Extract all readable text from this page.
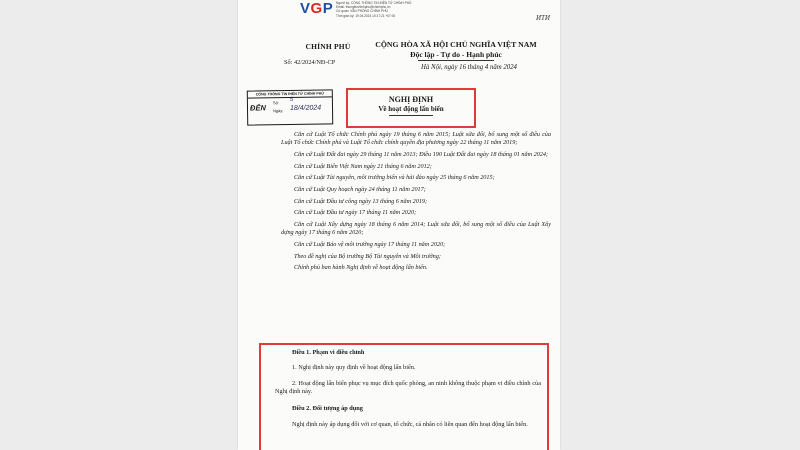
VGP Người ký: CỔNG THÔNG TIN ĐIỆN TỬ CHÍNH PHỦ
Email: thongtinchinhphu@chinhphu.vn
Cơ quan: VĂN PHÒNG CHÍNH PHỦ
Thời gian ký: 19.04.2024 10:17:21 +07:00	ИТИ
CHÍNH PHỦ
Số: 42/2024/NĐ-CP
CỘNG HÒA XÃ HỘI CHỦ NGHĨA VIỆT NAM
Độc lập - Tự do - Hạnh phúc
Hà Nội, ngày 16 tháng 4 năm 2024
CỔNG THÔNG TIN ĐIỆN TỬ CHÍNH PHỦ
ĐẾN
Số: 5
Ngày: 18/4/2024
NGHỊ ĐỊNH
Về hoạt động lấn biển

Căn cứ Luật Tổ chức Chính phủ ngày 19 tháng 6 năm 2015; Luật sửa đổi, bổ sung một số điều của Luật Tổ chức Chính phủ và Luật Tổ chức chính quyền địa phương ngày 22 tháng 11 năm 2019;

Căn cứ Luật Đất đai ngày 29 tháng 11 năm 2013; Điều 190 Luật Đất đai ngày 18 tháng 01 năm 2024;

Căn cứ Luật Biển Việt Nam ngày 21 tháng 6 năm 2012;

Căn cứ Luật Tài nguyên, môi trường biển và hải đảo ngày 25 tháng 6 năm 2015;

Căn cứ Luật Quy hoạch ngày 24 tháng 11 năm 2017;

Căn cứ Luật Đầu tư công ngày 13 tháng 6 năm 2019;

Căn cứ Luật Đầu tư ngày 17 tháng 11 năm 2020;

Căn cứ Luật Xây dựng ngày 18 tháng 6 năm 2014; Luật sửa đổi, bổ sung một số điều của Luật Xây dựng ngày 17 tháng 6 năm 2020;

Căn cứ Luật Bảo vệ môi trường ngày 17 tháng 11 năm 2020;

Theo đề nghị của Bộ trưởng Bộ Tài nguyên và Môi trường;

Chính phủ ban hành Nghị định về hoạt động lấn biển.

Điều 1. Phạm vi điều chỉnh

1. Nghị định này quy định về hoạt động lấn biển.

2. Hoạt động lấn biển phục vụ mục đích quốc phòng, an ninh không thuộc phạm vi điều chỉnh của Nghị định này.

Điều 2. Đối tượng áp dụng

Nghị định này áp dụng đối với cơ quan, tổ chức, cá nhân có liên quan đến hoạt động lấn biển.
